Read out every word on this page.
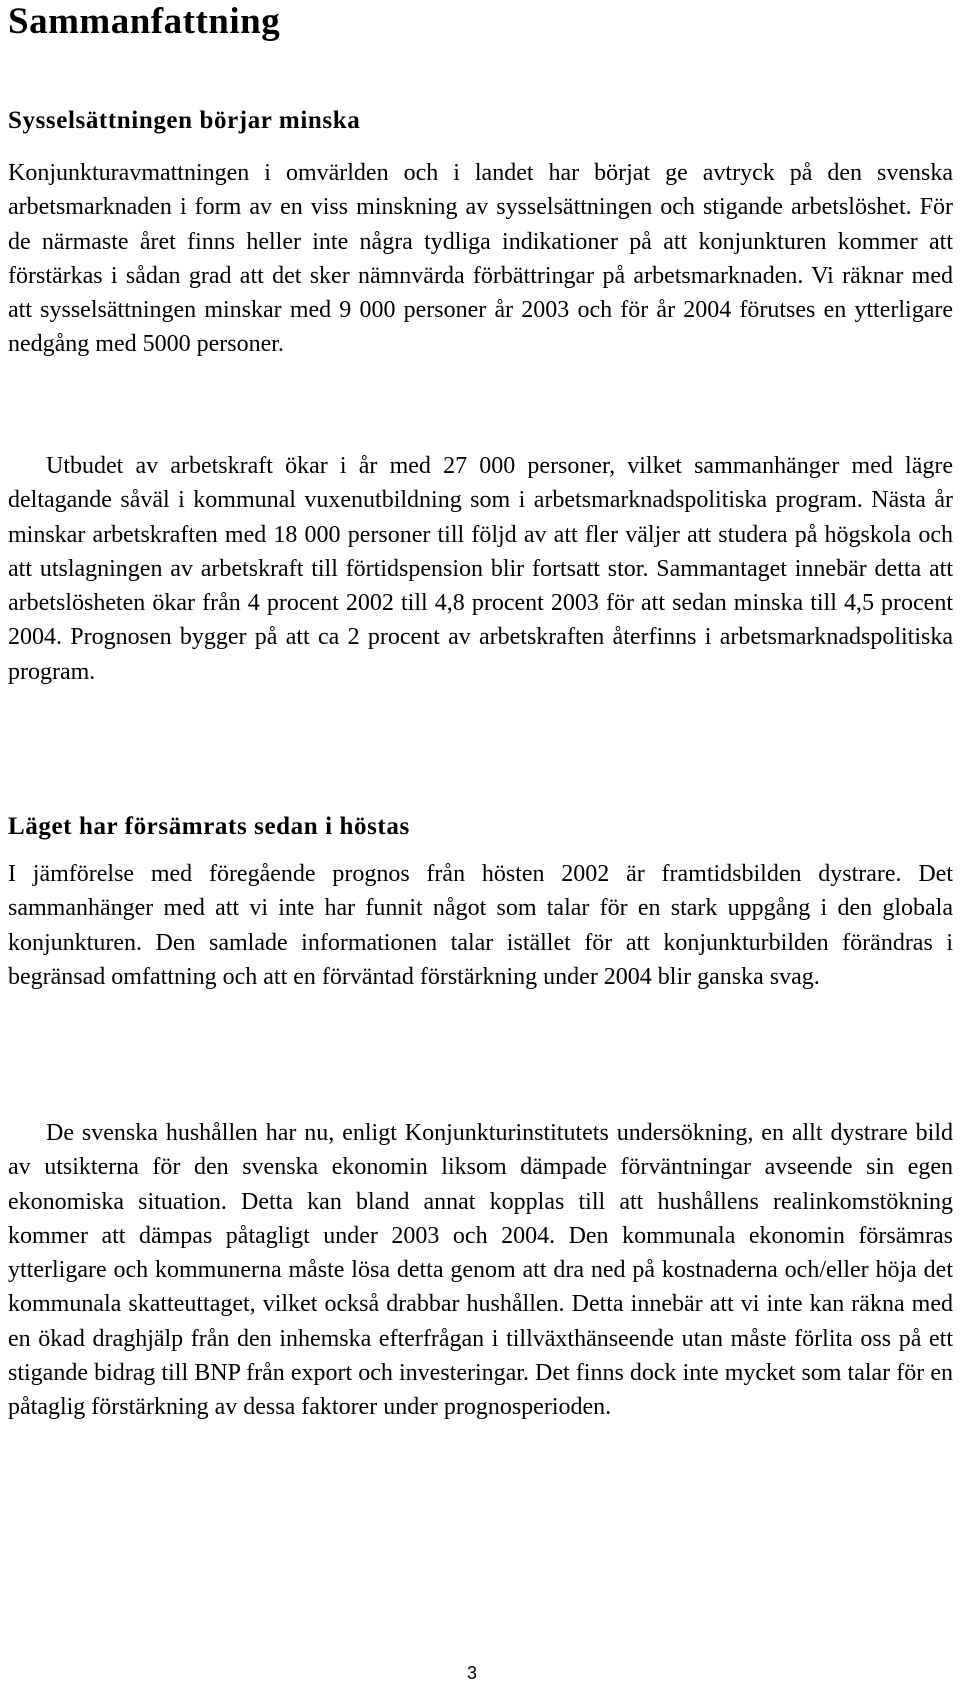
Sammanfattning
Sysselsättningen börjar minska

Konjunkturavmattningen i omvärlden och i landet har börjat ge avtryck på den svenska arbetsmarknaden i form av en viss minskning av sysselsättningen och stigande arbetslöshet. För de närmaste året finns heller inte några tydliga indikationer på att konjunkturen kommer att förstärkas i sådan grad att det sker nämnvärda förbättringar på arbetsmarknaden. Vi räknar med att sysselsättningen minskar med 9 000 personer år 2003 och för år 2004 förutses en ytterligare nedgång med 5000 personer.

Utbudet av arbetskraft ökar i år med 27 000 personer, vilket sammanhänger med lägre deltagande såväl i kommunal vuxenutbildning som i arbetsmarknadspolitiska program. Nästa år minskar arbetskraften med 18 000 personer till följd av att fler väljer att studera på högskola och att utslagningen av arbetskraft till förtidspension blir fortsatt stor. Sammantaget innebär detta att arbetslösheten ökar från 4 procent 2002 till 4,8 procent 2003 för att sedan minska till 4,5 procent 2004. Prognosen bygger på att ca 2 procent av arbetskraften återfinns i arbetsmarknadspolitiska program.

Läget har försämrats sedan i höstas

I jämförelse med föregående prognos från hösten 2002 är framtidsbilden dystrare. Det sammanhänger med att vi inte har funnit något som talar för en stark uppgång i den globala konjunkturen. Den samlade informationen talar istället för att konjunkturbilden förändras i begränsad omfattning och att en förväntad förstärkning under 2004 blir ganska svag.

De svenska hushållen har nu, enligt Konjunkturinstitutets undersökning, en allt dystrare bild av utsikterna för den svenska ekonomin liksom dämpade förväntningar avseende sin egen ekonomiska situation. Detta kan bland annat kopplas till att hushållens realinkomstökning kommer att dämpas påtagligt under 2003 och 2004. Den kommunala ekonomin försämras ytterligare och kommunerna måste lösa detta genom att dra ned på kostnaderna och/eller höja det kommunala skatteuttaget, vilket också drabbar hushållen. Detta innebär att vi inte kan räkna med en ökad draghjälp från den inhemska efterfrågan i tillväxthänseende utan måste förlita oss på ett stigande bidrag till BNP från export och investeringar. Det finns dock inte mycket som talar för en påtaglig förstärkning av dessa faktorer under prognosperioden.

3
